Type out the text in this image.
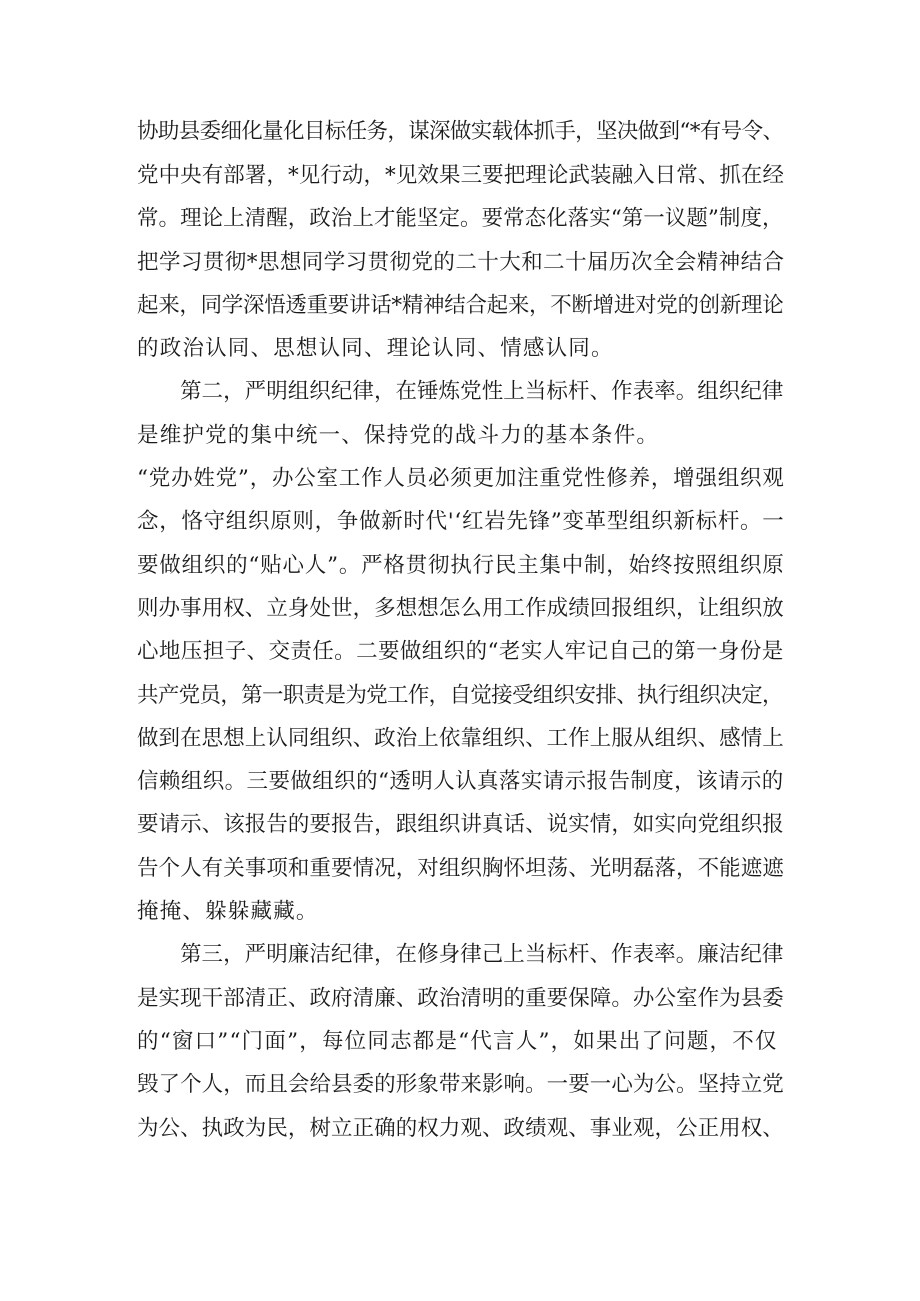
协助县委细化量化目标任务，谋深做实载体抓手，坚决做到“*有号令、
党中央有部署，*见行动，*见效果三要把理论武装融入日常、抓在经
常。理论上清醒，政治上才能坚定。要常态化落实“第一议题”制度，
把学习贯彻*思想同学习贯彻党的二十大和二十届历次全会精神结合
起来，同学深悟透重要讲话*精神结合起来，不断增进对党的创新理论
的政治认同、思想认同、理论认同、情感认同。
第二，严明组织纪律，在锤炼党性上当标杆、作表率。组织纪律
是维护党的集中统一、保持党的战斗力的基本条件。
“党办姓党”，办公室工作人员必须更加注重党性修养，增强组织观
念，恪守组织原则，争做新时代'‘红岩先锋”变革型组织新标杆。一
要做组织的“贴心人”。严格贯彻执行民主集中制，始终按照组织原
则办事用权、立身处世，多想想怎么用工作成绩回报组织，让组织放
心地压担子、交责任。二要做组织的“老实人牢记自己的第一身份是
共产党员，第一职责是为党工作，自觉接受组织安排、执行组织决定，
做到在思想上认同组织、政治上依靠组织、工作上服从组织、感情上
信赖组织。三要做组织的“透明人认真落实请示报告制度，该请示的
要请示、该报告的要报告，跟组织讲真话、说实情，如实向党组织报
告个人有关事项和重要情况，对组织胸怀坦荡、光明磊落，不能遮遮
掩掩、躲躲藏藏。
第三，严明廉洁纪律，在修身律己上当标杆、作表率。廉洁纪律
是实现干部清正、政府清廉、政治清明的重要保障。办公室作为县委
的“窗口”“门面”，每位同志都是“代言人”，如果出了问题，不仅
毁了个人，而且会给县委的形象带来影响。一要一心为公。坚持立党
为公、执政为民，树立正确的权力观、政绩观、事业观，公正用权、
